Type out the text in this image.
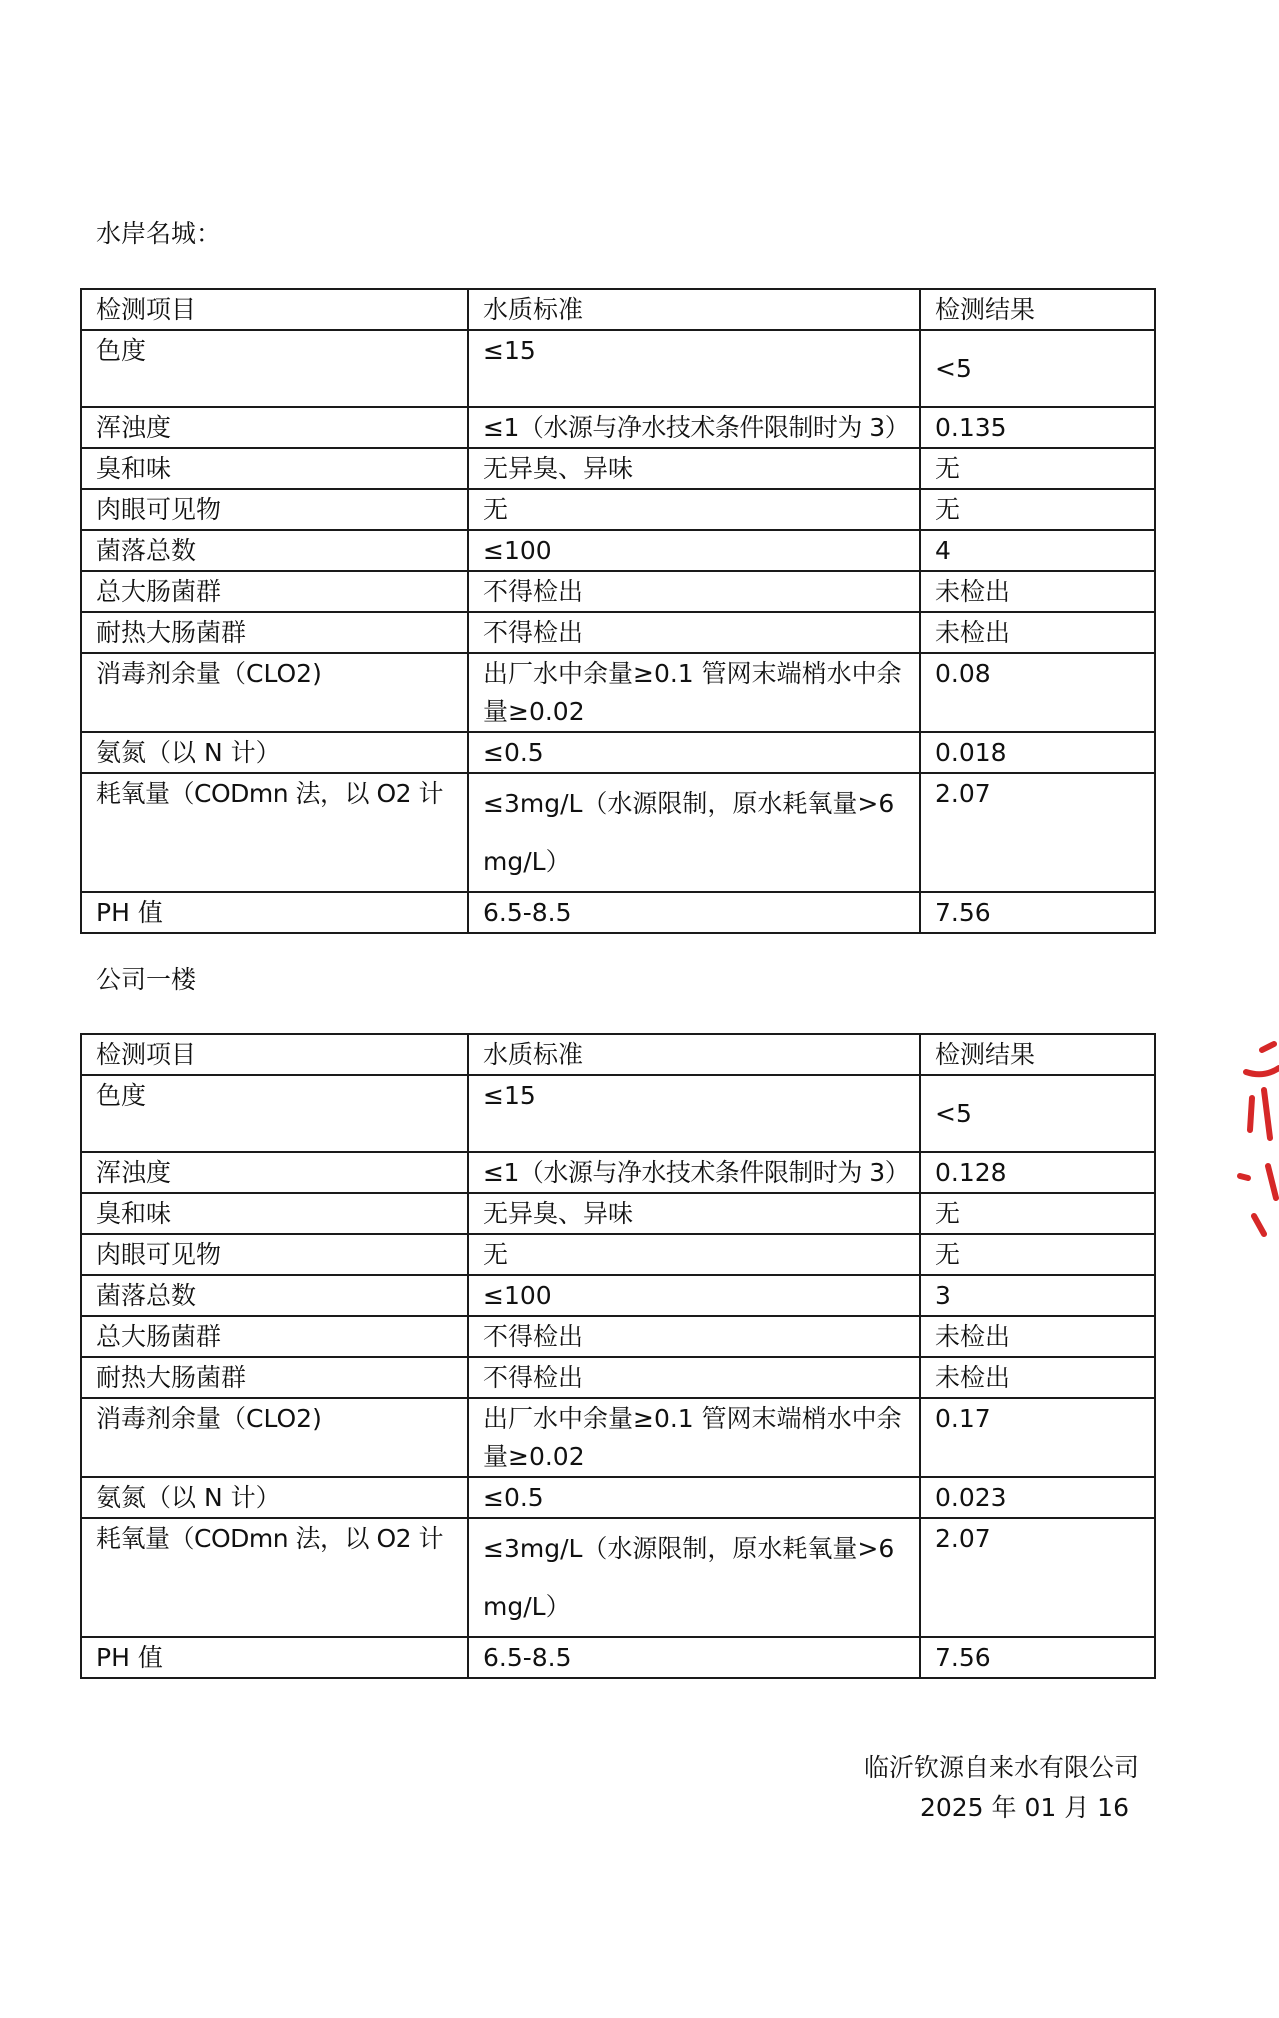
水岸名城：
检测项目	水质标准	检测结果
色度	≤15	<5
浑浊度	≤1（水源与净水技术条件限制时为 3）	0.135
臭和味	无异臭、异味	无
肉眼可见物	无	无
菌落总数	≤100	4
总大肠菌群	不得检出	未检出
耐热大肠菌群	不得检出	未检出
消毒剂余量（CLO2)	出厂水中余量≥0.1 管网末端梢水中余量≥0.02	0.08
氨氮（以 N 计）	≤0.5	0.018
耗氧量（CODmn 法，以 O2 计	≤3mg/L（水源限制，原水耗氧量>6mg/L）	2.07
PH 值	6.5-8.5	7.56
公司一楼
检测项目	水质标准	检测结果
色度	≤15	<5
浑浊度	≤1（水源与净水技术条件限制时为 3）	0.128
臭和味	无异臭、异味	无
肉眼可见物	无	无
菌落总数	≤100	3
总大肠菌群	不得检出	未检出
耐热大肠菌群	不得检出	未检出
消毒剂余量（CLO2)	出厂水中余量≥0.1 管网末端梢水中余量≥0.02	0.17
氨氮（以 N 计）	≤0.5	0.023
耗氧量（CODmn 法，以 O2 计	≤3mg/L（水源限制，原水耗氧量>6mg/L）	2.07
PH 值	6.5-8.5	7.56
临沂钦源自来水有限公司
2025 年 01 月 16
